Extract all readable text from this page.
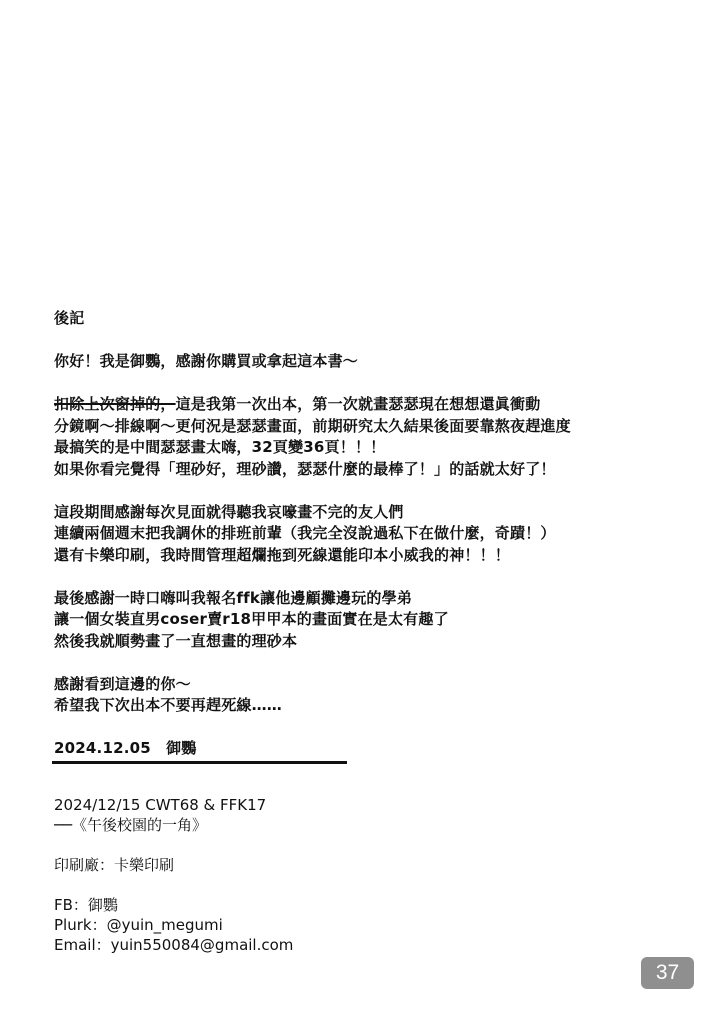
後記

你好！我是御鸚，感謝你購買或拿起這本書～

扣除上次窗掉的，這是我第一次出本，第一次就畫瑟瑟現在想想還眞衝動

分鏡啊～排線啊～更何況是瑟瑟畫面，前期研究太久結果後面要靠熬夜趕進度

最搞笑的是中間瑟瑟畫太嗨，32頁變36頁！！！

如果你看完覺得「理砂好，理砂讚，瑟瑟什麼的最棒了！」的話就太好了！

這段期間感謝每次見面就得聽我哀嚎畫不完的友人們

連續兩個週末把我調休的排班前輩（我完全沒說過私下在做什麼，奇蹟！）

還有卡樂印刷，我時間管理超爛拖到死線還能印本小威我的神！！！

最後感謝一時口嗨叫我報名ffk讓他邊顧攤邊玩的學弟

讓一個女裝直男coser賣r18甲甲本的畫面實在是太有趣了

然後我就順勢畫了一直想畫的理砂本

感謝看到這邊的你～

希望我下次出本不要再趕死線……

2024.12.05　御鸚

2024/12/15 CWT68 & FFK17

──《午後校園的一角》

印刷廠：卡樂印刷

FB：御鸚

Plurk：@yuin_megumi

Email：yuin550084@gmail.com

37
